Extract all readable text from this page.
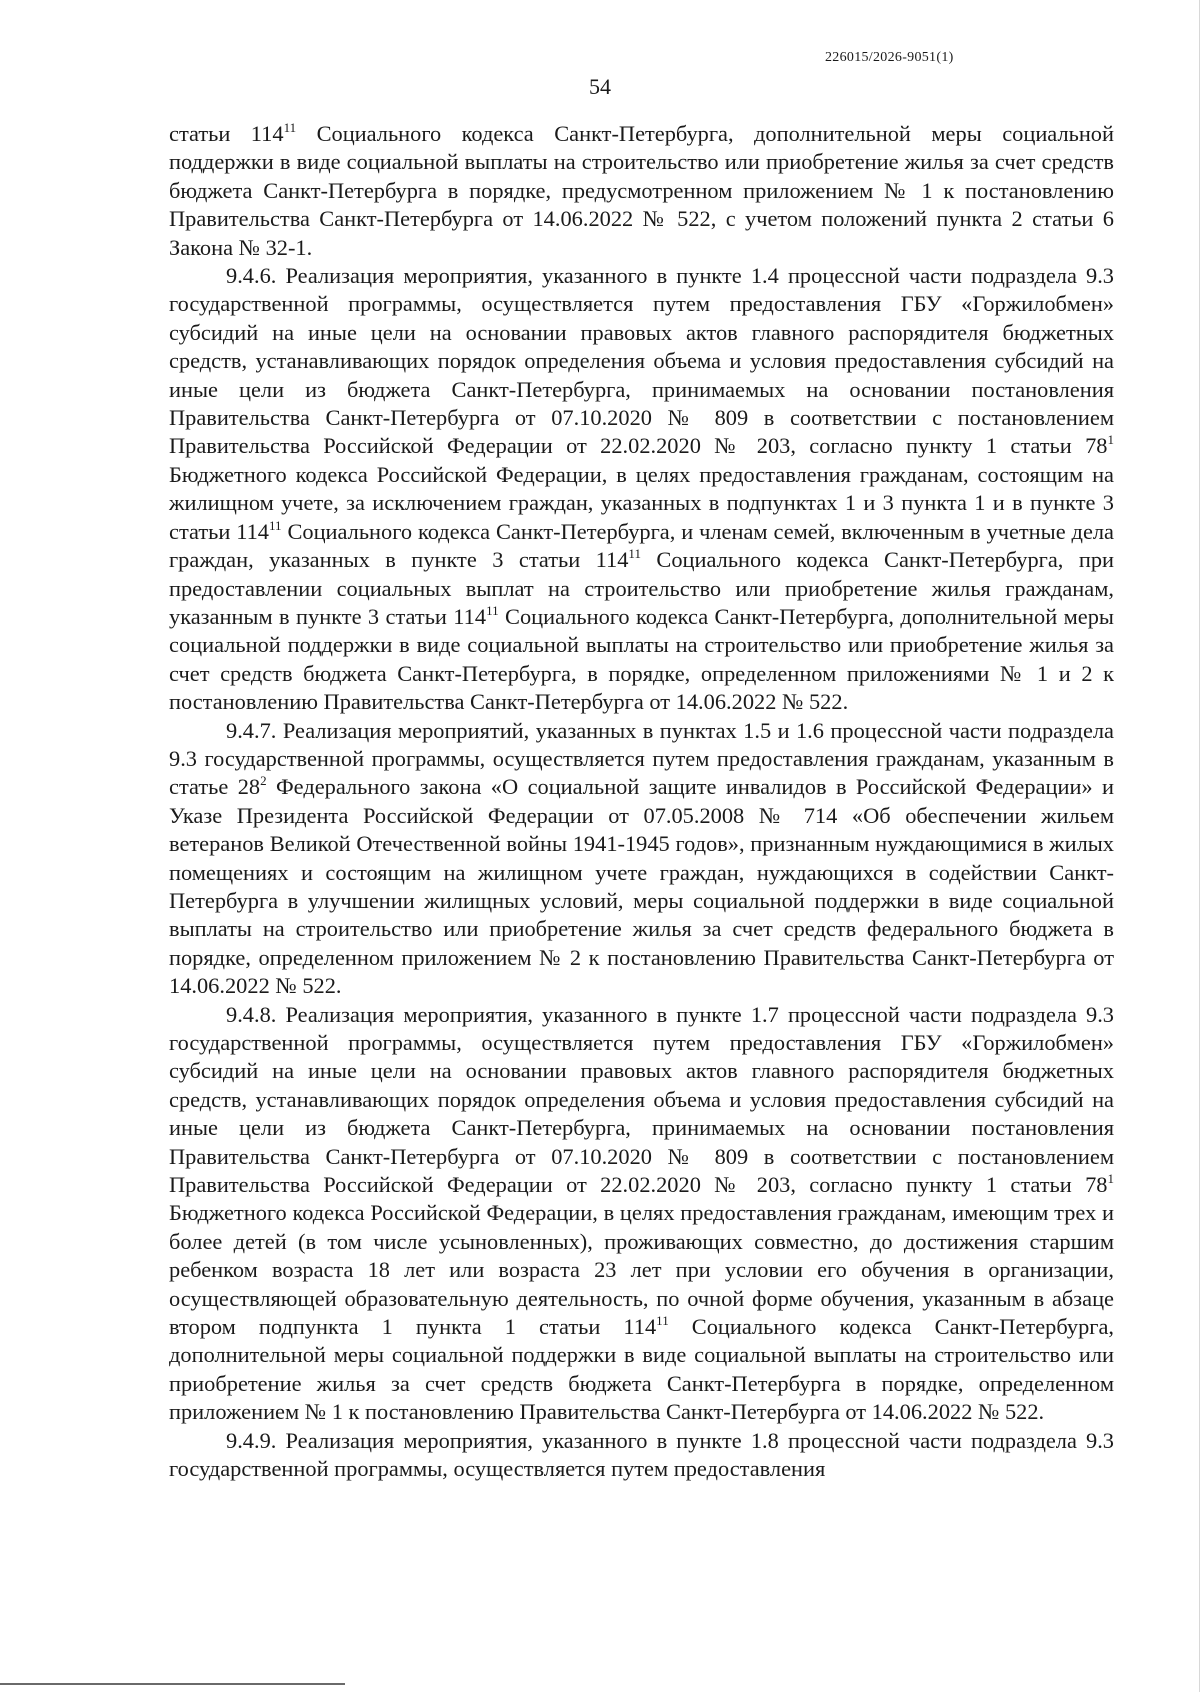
226015/2026-9051(1)
54

статьи $114^{11}$ Социального кодекса Санкт-Петербурга, дополнительной меры социальной поддержки в виде социальной выплаты на строительство или приобретение жилья за счет средств бюджета Санкт-Петербурга в порядке, предусмотренном приложением № 1 к постановлению Правительства Санкт-Петербурга от 14.06.2022 № 522, с учетом положений пункта 2 статьи 6 Закона № 32-1.

9.4.6. Реализация мероприятия, указанного в пункте 1.4 процессной части подраздела 9.3 государственной программы, осуществляется путем предоставления ГБУ «Горжилобмен» субсидий на иные цели на основании правовых актов главного распорядителя бюджетных средств, устанавливающих порядок определения объема и условия предоставления субсидий на иные цели из бюджета Санкт-Петербурга, принимаемых на основании постановления Правительства Санкт-Петербурга от 07.10.2020 № 809 в соответствии с постановлением Правительства Российской Федерации от 22.02.2020 № 203, согласно пункту 1 статьи $78^1$ Бюджетного кодекса Российской Федерации, в целях предоставления гражданам, состоящим на жилищном учете, за исключением граждан, указанных в подпунктах 1 и 3 пункта 1 и в пункте 3 статьи $114^{11}$ Социального кодекса Санкт-Петербурга, и членам семей, включенным в учетные дела граждан, указанных в пункте 3 статьи $114^{11}$ Социального кодекса Санкт-Петербурга, при предоставлении социальных выплат на строительство или приобретение жилья гражданам, указанным в пункте 3 статьи $114^{11}$ Социального кодекса Санкт-Петербурга, дополнительной меры социальной поддержки в виде социальной выплаты на строительство или приобретение жилья за счет средств бюджета Санкт-Петербурга, в порядке, определенном приложениями № 1 и 2 к постановлению Правительства Санкт-Петербурга от 14.06.2022 № 522.

9.4.7. Реализация мероприятий, указанных в пунктах 1.5 и 1.6 процессной части подраздела 9.3 государственной программы, осуществляется путем предоставления гражданам, указанным в статье $28^2$ Федерального закона «О социальной защите инвалидов в Российской Федерации» и Указе Президента Российской Федерации от 07.05.2008 № 714 «Об обеспечении жильем ветеранов Великой Отечественной войны 1941-1945 годов», признанным нуждающимися в жилых помещениях и состоящим на жилищном учете граждан, нуждающихся в содействии Санкт-Петербурга в улучшении жилищных условий, меры социальной поддержки в виде социальной выплаты на строительство или приобретение жилья за счет средств федерального бюджета в порядке, определенном приложением № 2 к постановлению Правительства Санкт-Петербурга от 14.06.2022 № 522.

9.4.8. Реализация мероприятия, указанного в пункте 1.7 процессной части подраздела 9.3 государственной программы, осуществляется путем предоставления ГБУ «Горжилобмен» субсидий на иные цели на основании правовых актов главного распорядителя бюджетных средств, устанавливающих порядок определения объема и условия предоставления субсидий на иные цели из бюджета Санкт-Петербурга, принимаемых на основании постановления Правительства Санкт-Петербурга от 07.10.2020 № 809 в соответствии с постановлением Правительства Российской Федерации от 22.02.2020 № 203, согласно пункту 1 статьи $78^1$ Бюджетного кодекса Российской Федерации, в целях предоставления гражданам, имеющим трех и более детей (в том числе усыновленных), проживающих совместно, до достижения старшим ребенком возраста 18 лет или возраста 23 лет при условии его обучения в организации, осуществляющей образовательную деятельность, по очной форме обучения, указанным в абзаце втором подпункта 1 пункта 1 статьи $114^{11}$ Социального кодекса Санкт-Петербурга, дополнительной меры социальной поддержки в виде социальной выплаты на строительство или приобретение жилья за счет средств бюджета Санкт-Петербурга в порядке, определенном приложением № 1 к постановлению Правительства Санкт-Петербурга от 14.06.2022 № 522.

9.4.9. Реализация мероприятия, указанного в пункте 1.8 процессной части подраздела 9.3 государственной программы, осуществляется путем предоставления
